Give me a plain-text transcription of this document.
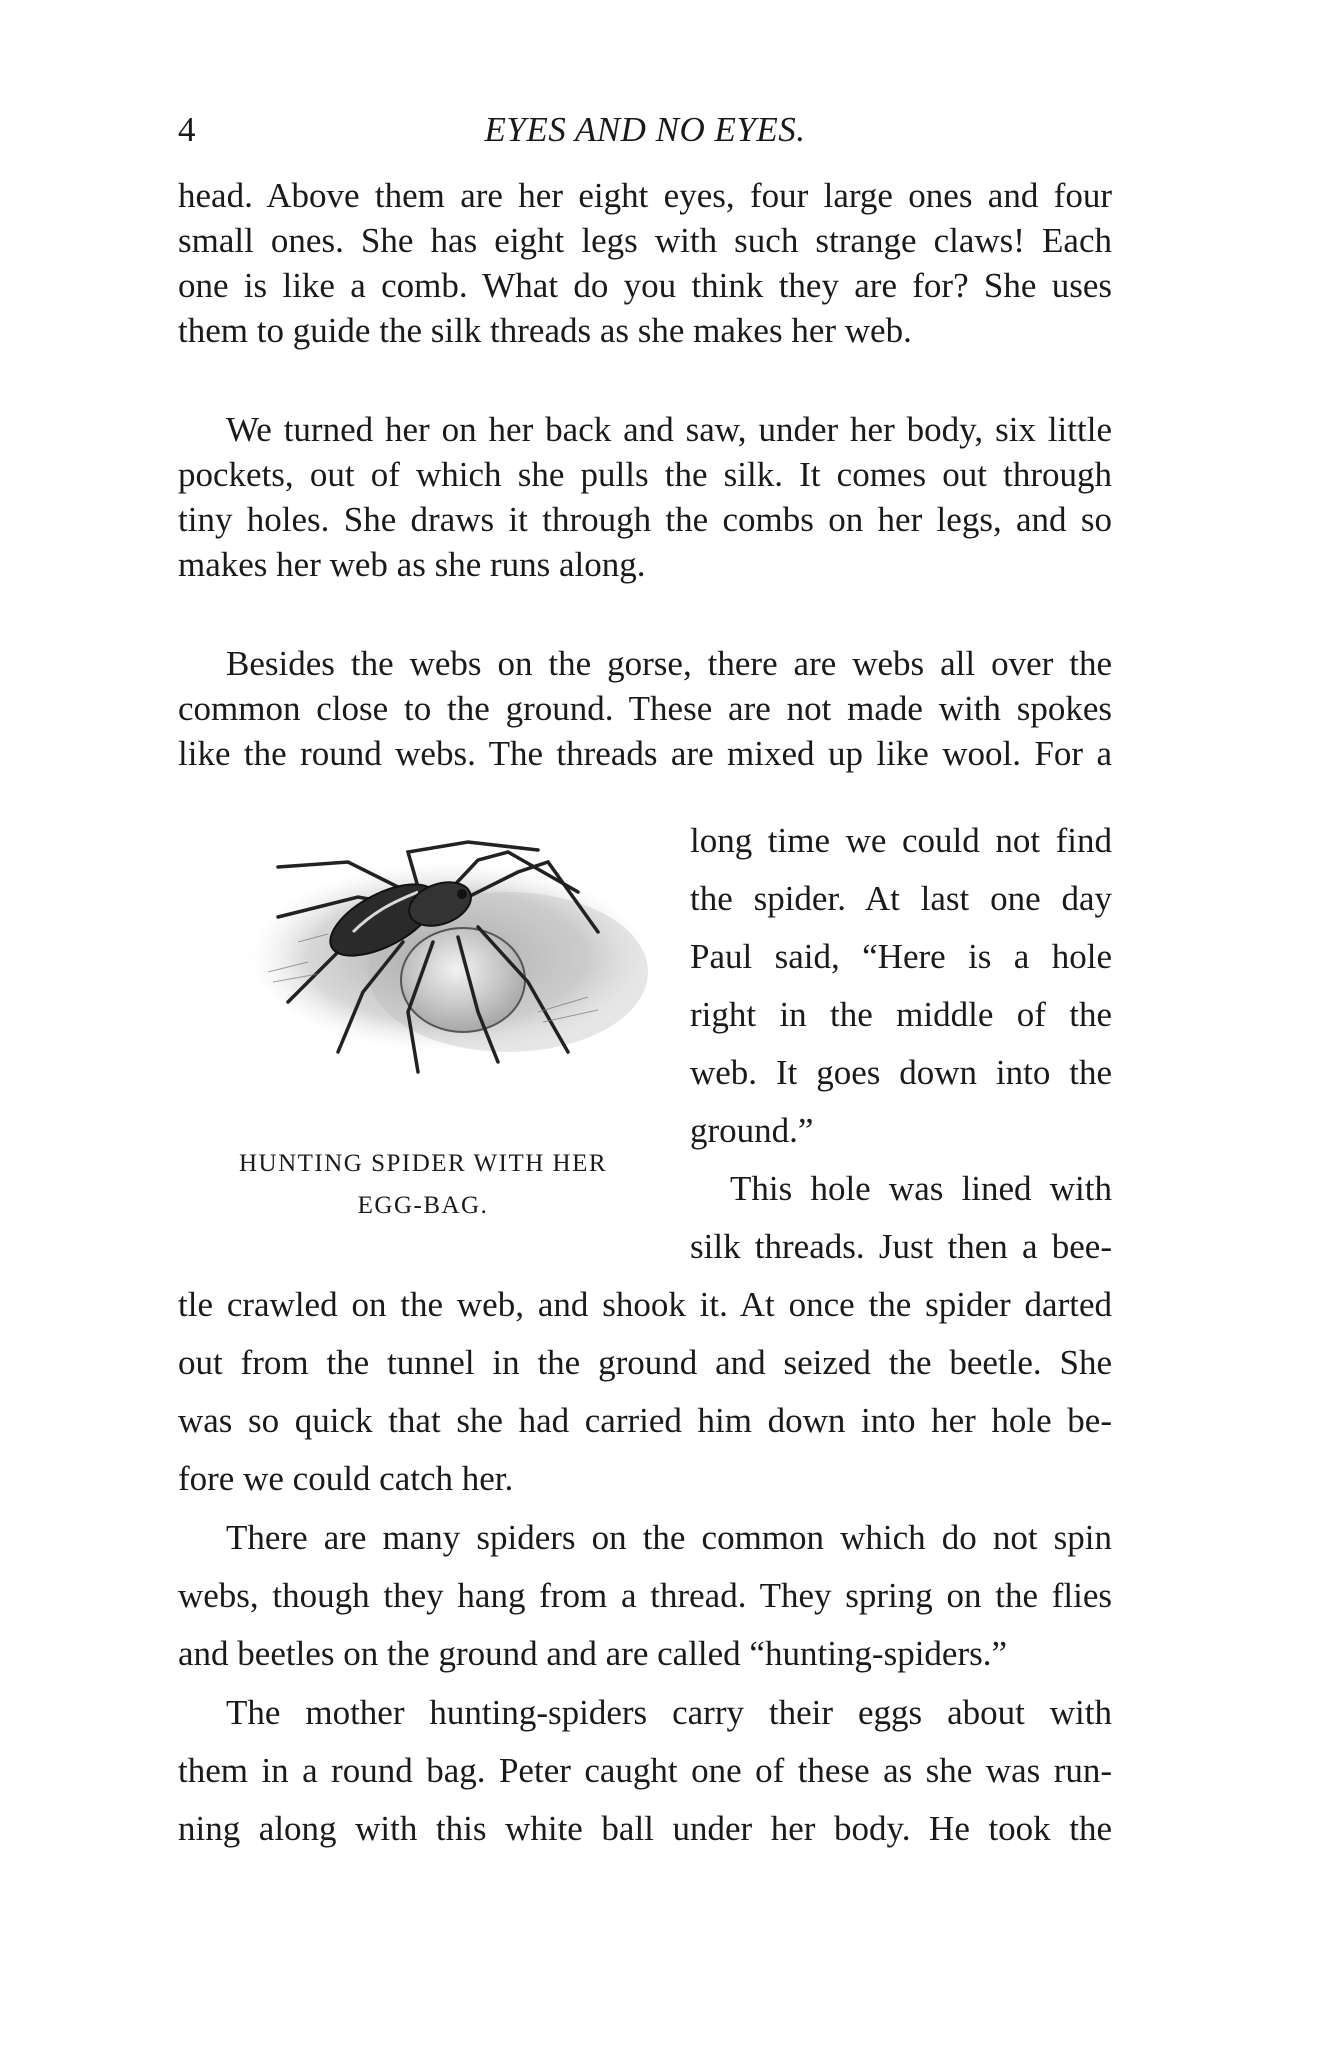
4	EYES AND NO EYES.
head. Above them are her eight eyes, four large ones and four
small ones. She has eight legs with such strange claws! Each
one is like a comb. What do you think they are for? She uses
them to guide the silk threads as she makes her web.
We turned her on her back and saw, under her body, six little
pockets, out of which she pulls the silk. It comes out through
tiny holes. She draws it through the combs on her legs, and so
makes her web as she runs along.
Besides the webs on the gorse, there are webs all over the
common close to the ground. These are not made with spokes
like the round webs. The threads are mixed up like wool. For a
long time we could not find
the spider. At last one day
Paul said, “Here is a hole
right in the middle of the
web. It goes down into the
ground.”
This hole was lined with
silk threads. Just then a bee-
tle crawled on the web, and shook it. At once the spider darted
out from the tunnel in the ground and seized the beetle. She
was so quick that she had carried him down into her hole be-
fore we could catch her.
There are many spiders on the common which do not spin
webs, though they hang from a thread. They spring on the flies
and beetles on the ground and are called “hunting-spiders.”
The mother hunting-spiders carry their eggs about with
them in a round bag. Peter caught one of these as she was run-
ning along with this white ball under her body. He took the
HUNTING SPIDER WITH HER
EGG-BAG.
